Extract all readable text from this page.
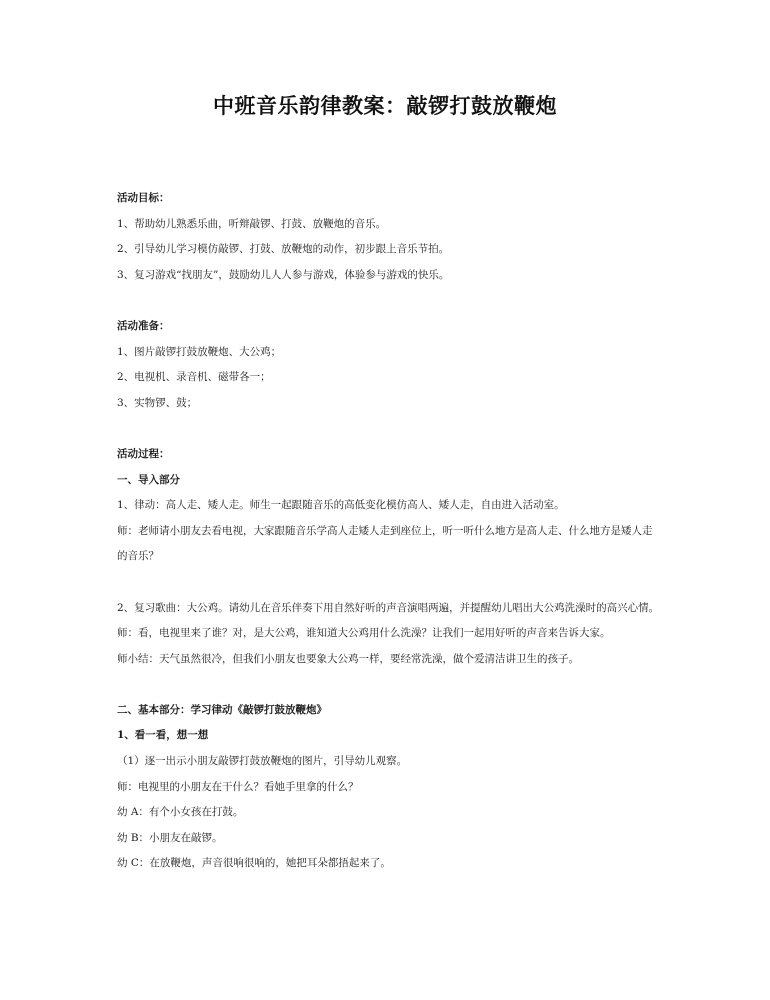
中班音乐韵律教案：敲锣打鼓放鞭炮
活动目标：
1、帮助幼儿熟悉乐曲，听辩敲锣、打鼓、放鞭炮的音乐。
2、引导幼儿学习模仿敲锣、打鼓、放鞭炮的动作，初步跟上音乐节拍。
3、复习游戏“找朋友”，鼓励幼儿人人参与游戏，体验参与游戏的快乐。
活动准备：
1、图片敲锣打鼓放鞭炮、大公鸡；
2、电视机、录音机、磁带各一；
3、实物锣、鼓；
活动过程：
一、导入部分
1、律动：高人走、矮人走。师生一起跟随音乐的高低变化模仿高人、矮人走，自由进入活动室。
师：老师请小朋友去看电视，大家跟随音乐学高人走矮人走到座位上，听一听什么地方是高人走、什么地方是矮人走的音乐？
2、复习歌曲：大公鸡。请幼儿在音乐伴奏下用自然好听的声音演唱两遍，并提醒幼儿唱出大公鸡洗澡时的高兴心情。
师：看，电视里来了谁？对，是大公鸡，谁知道大公鸡用什么洗澡？让我们一起用好听的声音来告诉大家。
师小结：天气虽然很冷，但我们小朋友也要象大公鸡一样，要经常洗澡，做个爱清洁讲卫生的孩子。
二、基本部分：学习律动《敲锣打鼓放鞭炮》
1、看一看，想一想
（1）逐一出示小朋友敲锣打鼓放鞭炮的图片，引导幼儿观察。
师：电视里的小朋友在干什么？看她手里拿的什么？
幼 A：有个小女孩在打鼓。
幼 B：小朋友在敲锣。
幼 C：在放鞭炮，声音很响很响的，她把耳朵都捂起来了。
